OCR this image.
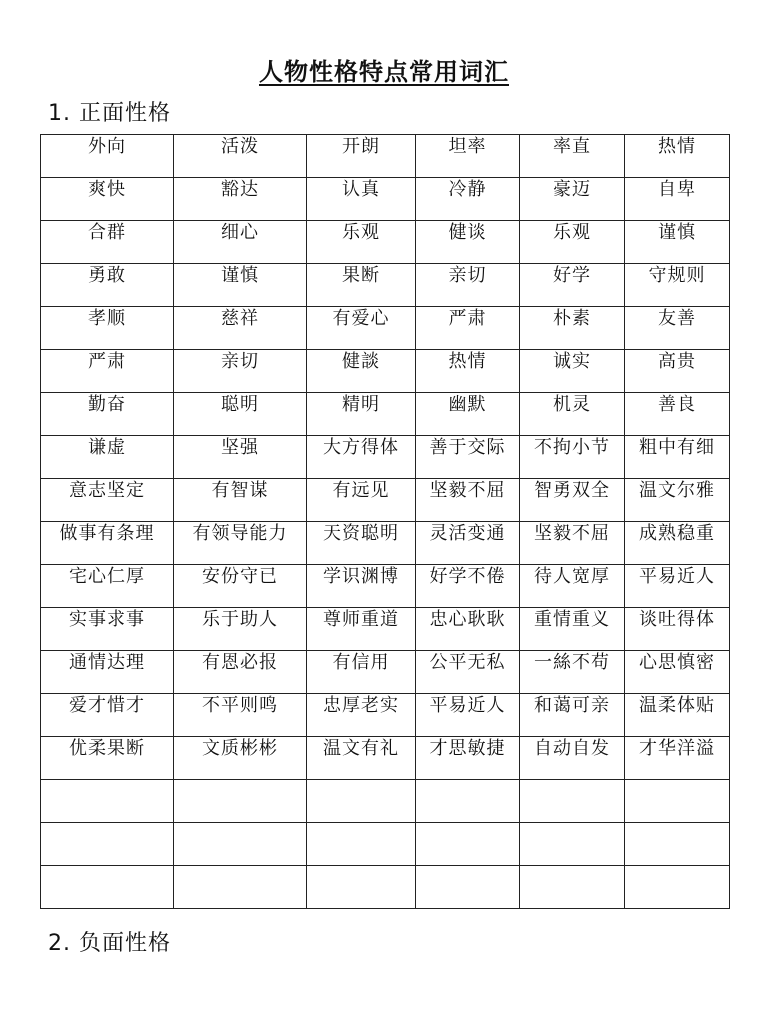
人物性格特点常用词汇
1. 正面性格
外向	活泼	开朗	坦率	率直	热情

爽快	豁达	认真	冷静	豪迈	自卑

合群	细心	乐观	健谈	乐观	谨慎

勇敢	谨慎	果断	亲切	好学	守规则

孝顺	慈祥	有爱心	严肃	朴素	友善

严肃	亲切	健談	热情	诚实	高贵

勤奋	聪明	精明	幽默	机灵	善良

谦虚	坚强	大方得体	善于交际	不拘小节	粗中有细

意志坚定	有智谋	有远见	坚毅不屈	智勇双全	温文尔雅

做事有条理	有领导能力	天资聪明	灵活变通	坚毅不屈	成熟稳重

宅心仁厚	安份守已	学识渊博	好学不倦	待人宽厚	平易近人

实事求事	乐于助人	尊师重道	忠心耿耿	重情重义	谈吐得体

通情达理	有恩必报	有信用	公平无私	一絲不苟	心思慎密

爱才惜才	不平则鸣	忠厚老实	平易近人	和蔼可亲	温柔体贴

优柔果断	文质彬彬	温文有礼	才思敏捷	自动自发	才华洋溢

2. 负面性格
